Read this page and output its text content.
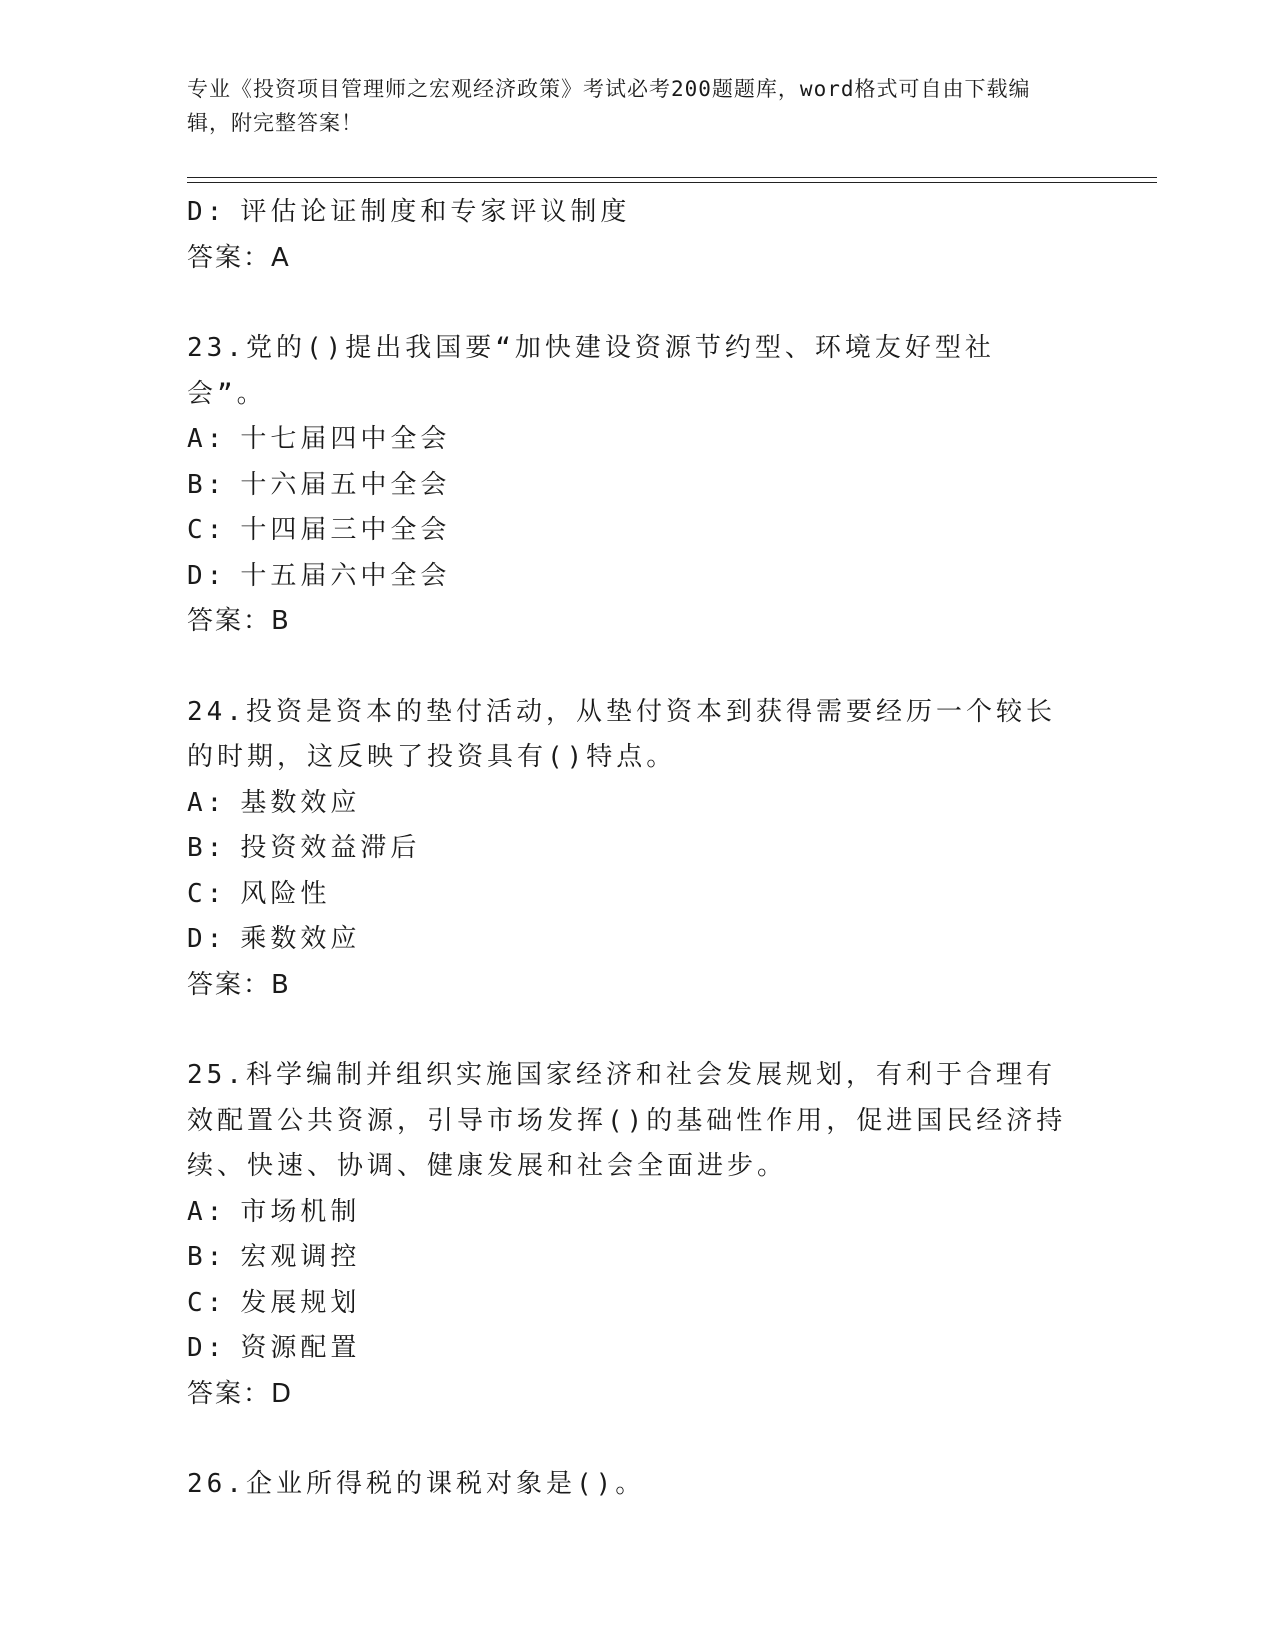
专业《投资项目管理师之宏观经济政策》考试必考200题题库，word格式可自由下载编辑，附完整答案！
D: 评估论证制度和专家评议制度
答案：A
23.党的()提出我国要“加快建设资源节约型、环境友好型社会”。
A: 十七届四中全会
B: 十六届五中全会
C: 十四届三中全会
D: 十五届六中全会
答案：B
24.投资是资本的垫付活动，从垫付资本到获得需要经历一个较长的时期，这反映了投资具有()特点。
A: 基数效应
B: 投资效益滞后
C: 风险性
D: 乘数效应
答案：B
25.科学编制并组织实施国家经济和社会发展规划，有利于合理有效配置公共资源，引导市场发挥()的基础性作用，促进国民经济持续、快速、协调、健康发展和社会全面进步。
A: 市场机制
B: 宏观调控
C: 发展规划
D: 资源配置
答案：D
26.企业所得税的课税对象是()。
